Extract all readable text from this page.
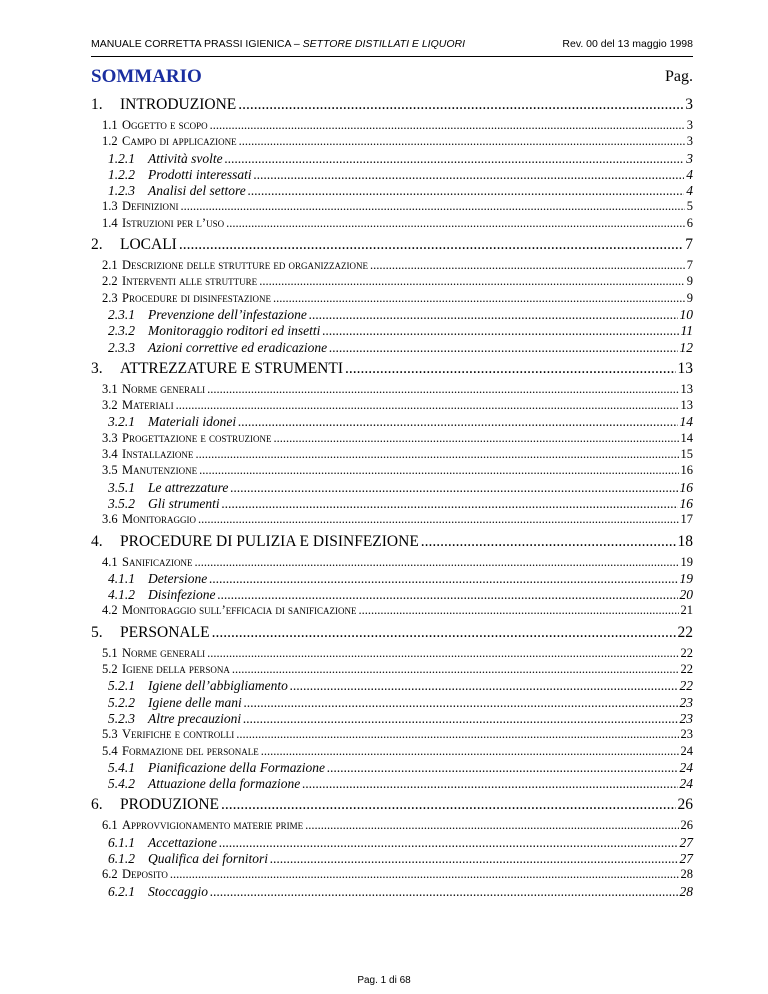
MANUALE CORRETTA PRASSI IGIENICA – SETTORE DISTILLATI E LIQUORI	Rev. 00 del 13 maggio 1998
SOMMARIO	Pag.
1.	INTRODUZIONE .....	3
1.1 Oggetto e scopo .....	3
1.2 Campo di applicazione .....	3
1.2.1 Attività svolte .....	3
1.2.2 Prodotti interessati .....	4
1.2.3 Analisi del settore .....	4
1.3 Definizioni .....	5
1.4 Istruzioni per l’uso .....	6
2.	LOCALI .....	7
2.1 Descrizione delle strutture ed organizzazione .....	7
2.2 Interventi alle strutture .....	9
2.3 Procedure di disinfestazione .....	9
2.3.1 Prevenzione dell’infestazione .....	10
2.3.2 Monitoraggio roditori ed insetti .....	11
2.3.3 Azioni correttive ed eradicazione .....	12
3.	ATTREZZATURE E STRUMENTI .....	13
3.1 Norme generali .....	13
3.2 Materiali .....	13
3.2.1 Materiali idonei .....	14
3.3 Progettazione e costruzione .....	14
3.4 Installazione .....	15
3.5 Manutenzione .....	16
3.5.1 Le attrezzature .....	16
3.5.2 Gli strumenti .....	16
3.6 Monitoraggio .....	17
4.	PROCEDURE DI PULIZIA E DISINFEZIONE .....	18
4.1 Sanificazione .....	19
4.1.1 Detersione .....	19
4.1.2 Disinfezione .....	20
4.2 Monitoraggio sull’efficacia di sanificazione .....	21
5.	PERSONALE .....	22
5.1 Norme generali .....	22
5.2 Igiene della persona .....	22
5.2.1 Igiene dell’abbigliamento .....	22
5.2.2 Igiene delle mani .....	23
5.2.3 Altre precauzioni .....	23
5.3 Verifiche e controlli .....	23
5.4 Formazione del personale .....	24
5.4.1 Pianificazione della Formazione .....	24
5.4.2 Attuazione della formazione .....	24
6.	PRODUZIONE .....	26
6.1 Approvvigionamento materie prime .....	26
6.1.1 Accettazione .....	27
6.1.2 Qualifica dei fornitori .....	27
6.2 Deposito .....	28
6.2.1 Stoccaggio .....	28
Pag. 1 di 68
